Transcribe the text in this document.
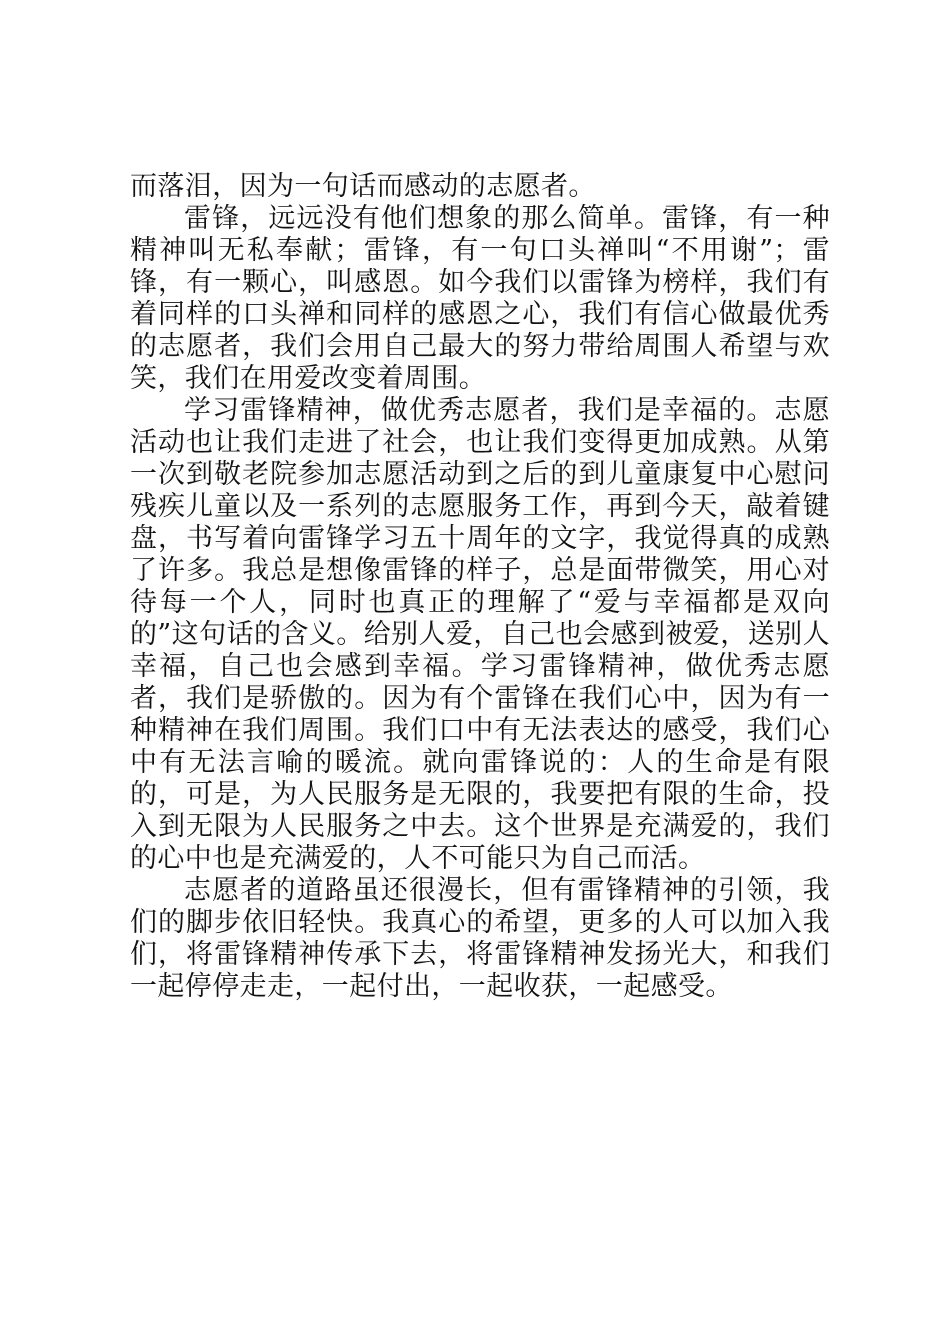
而落泪，因为一句话而感动的志愿者。

雷锋，远远没有他们想象的那么简单。雷锋，有一种精神叫无私奉献；雷锋，有一句口头禅叫“不用谢”；雷锋，有一颗心，叫感恩。如今我们以雷锋为榜样，我们有着同样的口头禅和同样的感恩之心，我们有信心做最优秀的志愿者，我们会用自己最大的努力带给周围人希望与欢笑，我们在用爱改变着周围。

学习雷锋精神，做优秀志愿者，我们是幸福的。志愿活动也让我们走进了社会，也让我们变得更加成熟。从第一次到敬老院参加志愿活动到之后的到儿童康复中心慰问残疾儿童以及一系列的志愿服务工作，再到今天，敲着键盘，书写着向雷锋学习五十周年的文字，我觉得真的成熟了许多。我总是想像雷锋的样子，总是面带微笑，用心对待每一个人，同时也真正的理解了“爱与幸福都是双向的”这句话的含义。给别人爱，自己也会感到被爱，送别人幸福，自己也会感到幸福。学习雷锋精神，做优秀志愿者，我们是骄傲的。因为有个雷锋在我们心中，因为有一种精神在我们周围。我们口中有无法表达的感受，我们心中有无法言喻的暖流。就向雷锋说的：人的生命是有限的，可是，为人民服务是无限的，我要把有限的生命，投入到无限为人民服务之中去。这个世界是充满爱的，我们的心中也是充满爱的，人不可能只为自己而活。

志愿者的道路虽还很漫长，但有雷锋精神的引领，我们的脚步依旧轻快。我真心的希望，更多的人可以加入我们，将雷锋精神传承下去，将雷锋精神发扬光大，和我们一起停停走走，一起付出，一起收获，一起感受。
